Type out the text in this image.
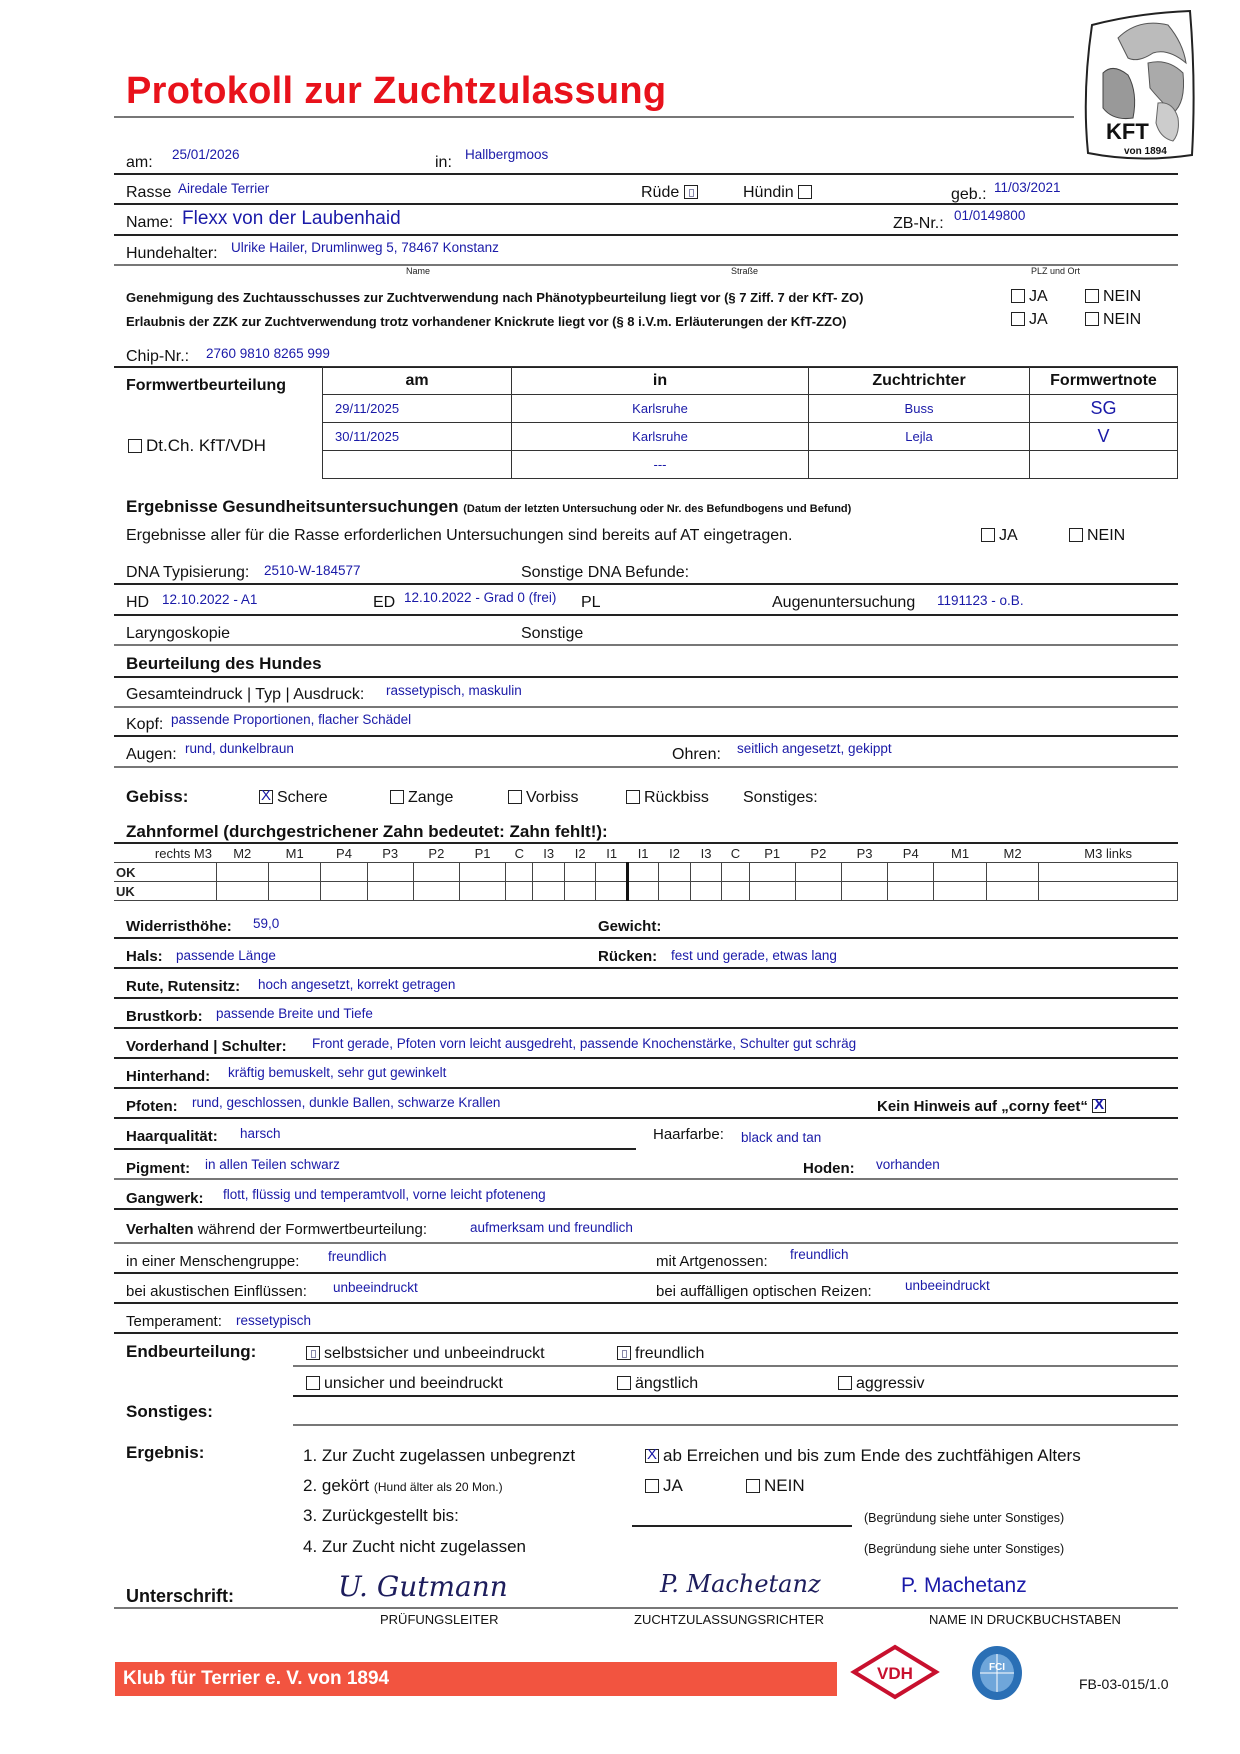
Protokoll zur Zuchtzulassung
KFT
von 1894
am: 25/01/2026	in: Hallbergmoos
Rasse Airedale Terrier	Rüde	Hündin	geb.: 11/03/2021
Name: Flexx von der Laubenhaid	ZB-Nr.: 01/0149800
Hundehalter: Ulrike Hailer, Drumlinweg 5, 78467 Konstanz
Name	Straße	PLZ und Ort
Genehmigung des Zuchtausschusses zur Zuchtverwendung nach Phänotypbeurteilung liegt vor (§ 7 Ziff. 7 der KfT- ZO)	JA	NEIN
Erlaubnis der ZZK zur Zuchtverwendung trotz vorhandener Knickrute liegt vor (§ 8 i.V.m. Erläuterungen der KfT-ZZO)	JA	NEIN
Chip-Nr.: 2760 9810 8265 999
Formwertbeurteilung
Dt.Ch. KfT/VDH
am	in	Zuchtrichter	Formwertnote
29/11/2025	Karlsruhe	Buss	SG
30/11/2025	Karlsruhe	Lejla	V
	---		
Ergebnisse Gesundheitsuntersuchungen (Datum der letzten Untersuchung oder Nr. des Befundbogens und Befund)
Ergebnisse aller für die Rasse erforderlichen Untersuchungen sind bereits auf AT eingetragen.	JA	NEIN
DNA Typisierung: 2510-W-184577	Sonstige DNA Befunde:
HD 12.10.2022 - A1	ED 12.10.2022 - Grad 0 (frei) PL	Augenuntersuchung 1191123 - o.B.
Laryngoskopie	Sonstige
Beurteilung des Hundes
Gesamteindruck | Typ | Ausdruck: rassetypisch, maskulin
Kopf: passende Proportionen, flacher Schädel
Augen: rund, dunkelbraun	Ohren: seitlich angesetzt, gekippt
Gebiss: X	Schere	Zange	Vorbiss	Rückbiss Sonstiges:
Zahnformel (durchgestrichener Zahn bedeutet: Zahn fehlt!):
rechts M3	M2	M1	P4	P3	P2	P1	C	I3	I2	I1	I1	I2	I3	C	P1	P2	P3	P4	M1	M2	M3 links
OK																					
UK																					
Widerristhöhe: 59,0	Gewicht:
Hals: passende Länge	Rücken: fest und gerade, etwas lang
Rute, Rutensitz: hoch angesetzt, korrekt getragen
Brustkorb: passende Breite und Tiefe
Vorderhand | Schulter: Front gerade, Pfoten vorn leicht ausgedreht, passende Knochenstärke, Schulter gut schräg
Hinterhand: kräftig bemuskelt, sehr gut gewinkelt
Pfoten: rund, geschlossen, dunkle Ballen, schwarze Krallen	Kein Hinweis auf „corny feet“ X
Haarqualität: harsch	Haarfarbe: black and tan
Pigment: in allen Teilen schwarz	Hoden: vorhanden
Gangwerk: flott, flüssig und temperamtvoll, vorne leicht pfoteneng
Verhalten während der Formwertbeurteilung:	aufmerksam und freundlich
in einer Menschengruppe: freundlich	mit Artgenossen: freundlich
bei akustischen Einflüssen: unbeeindruckt	bei auffälligen optischen Reizen: unbeeindruckt
Temperament: ressetypisch
Endbeurteilung:	selbstsicher und unbeeindruckt	freundlich
unsicher und beeindruckt	ängstlich	aggressiv
Sonstiges:
Ergebnis:	1. Zur Zucht zugelassen unbegrenzt X	ab Erreichen und bis zum Ende des zuchtfähigen Alters
2. gekört (Hund älter als 20 Mon.)	JA	NEIN
3. Zurückgestellt bis:	(Begründung siehe unter Sonstiges)
4. Zur Zucht nicht zugelassen	(Begründung siehe unter Sonstiges)
Unterschrift:	U. Gutmann	P. Machetanz	P. Machetanz
PRÜFUNGSLEITER	ZUCHTZULASSUNGSRICHTER	NAME IN DRUCKBUCHSTABEN
Klub für Terrier e. V. von 1894	VDH	FCI
FB-03-015/1.0
